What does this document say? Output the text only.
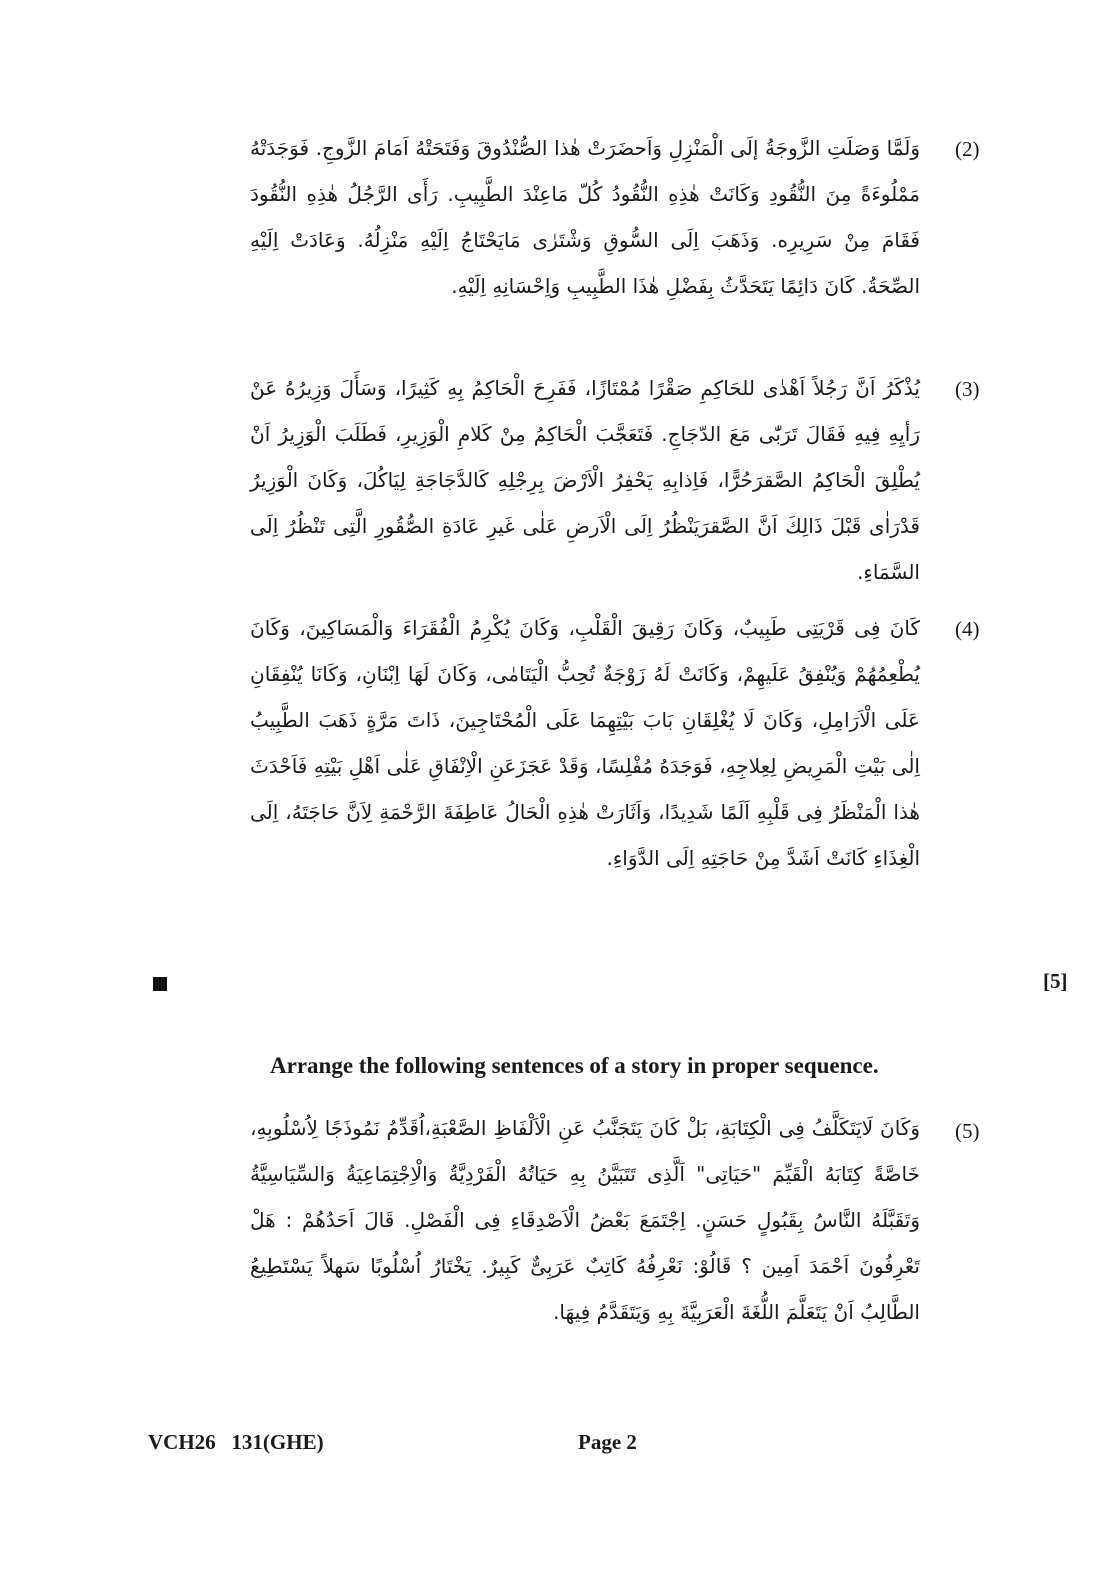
(2)
وَلَمَّا وَصَلَتِ الزَّوجَةُ إلَى الْمَنْزِلِ وَاَحضَرَتْ هٰذا الصُّنْدُوقَ وَفَتَحَتْهُ اَمَامَ الزَّوجِ. فَوَجَدَتْهُ مَمْلُوءَةً مِنَ النُّقُودِ وَكَانَتْ هٰذِهِ النُّقُودُ كُلّ مَاعِنْدَ الطَّبِيبِ. رَأَى الرَّجُلُ هٰذِهِ النُّقُودَ فَقَامَ مِنْ سَرِيرِه. وَذَهَبَ اِلَى السُّوقِ وَشْتَرٰى مَايَحْتَاجُ اِلَيْهِ مَنْزِلُهُ. وَعَادَتْ اِلَيْهِ الصِّحَةُ. كَانَ دَائِمًا يَتَحَدَّثُ بِفَضْلِ هٰذَا الطَّبِيبِ وَاِحْسَانِهِ اِلَيْهِ.
(3)
يُذْكَرُ اَنَّ رَجُلاً اَهْدٰى للحَاكِمِ صَقْرًا مُمْتَازًا، فَفَرِحَ الْحَاكِمُ بِهِ كَثِيرًا، وَسَأَلَ وَزِيرُهُ عَنْ رَأيِهِ فِيهِ فَقَالَ تَرَبّٰى مَعَ الدّجَاجِ. فَتَعَجَّبَ الْحَاكِمُ مِنْ كَلامِ الْوَزِيرِ، فَطَلَبَ الْوَزِيرُ اَنْ يُطْلِقَ الْحَاكِمُ الصَّقرَحُرًّا، فَاِذابِهِ يَحْفِرُ الْاَرْضَ بِرِجْلِهِ كَالدَّجَاجَةِ لِيَاكُلَ، وَكَانَ الْوَزِيرُ قَدْرَاٰى قَبْلَ ذَالِكَ اَنَّ الصَّقرَيَنْظُرُ اِلَى الْاَرضِ عَلٰى غَيرِ عَادَةِ الصُّقُورِ الَّتِى تَنْظُرُ اِلَى السَّمَاءِ.
(4)
كَانَ فِى قَرْيَتِى طَبِيبٌ، وَكَانَ رَقِيقَ الْقَلْبِ، وَكَانَ يُكْرِمُ الْفُقَرَاءَ وَالْمَسَاكِينَ، وَكَانَ يُطْعِمُهُمْ وَيُنْفِقُ عَلَيهِمْ، وَكَانَتْ لَهُ زَوْجَةٌ تُحِبُّ الْيَتَامٰى، وَكَانَ لَهَا اِبْنَانِ، وَكَانَا يُنْفِقَانِ عَلَى الْاَرَامِلِ، وَكَانَ لَا يُغْلِقَانِ بَابَ بَيْتِهِمَا عَلَى الْمُحْتَاجِينَ، ذَاتَ مَرَّةٍ ذَهَبَ الطَّبِيبُ اِلٰى بَيْتِ الْمَرِيضِ لِعِلاجِهِ، فَوَجَدَهُ مُفْلِسًا، وَقَدْ عَجَزَعَنِ الْاِنْفَاقِ عَلٰى اَهْلِ بَيْتِهِ فَاَحْدَثَ هٰذا الْمَنْظَرُ فِى قَلْبِهِ اَلَمًا شَدِيدًا، وَاَثَارَتْ هٰذِهِ الْحَالُ عَاطِفَةَ الرَّحْمَةِ لِاَنَّ حَاجَتَهُ، اِلَى الْغِذَاءِ كَانَتْ اَشَدَّ مِنْ حَاجَتِهِ اِلَى الدَّوَاءِ.
Arrange the following sentences of a story in proper sequence.
[5]
(5)
وَكَانَ لَايَتَكَلَّفُ فِى الْكِتَابَةِ، بَلْ كَانَ يَتَجَنَّبُ عَنِ الْاَلْفَاظِ الصَّعْبَةِ،اُقَدِّمُ نَمُوذَجًا لِاُسْلُوبِهِ، خَاصَّةً كِتَابَهُ الْقَيِّمَ "حَيَاتِى" اَلَّذِى تَتَبَيَّنُ بِهِ حَيَاتُهُ الْفَرْدِيَّةُ وَالْاِجْتِمَاعِيَةُ وَالسِّيَاسِيَّةُ وَتَقَبَّلَهُ النَّاسُ بِقَبُولٍ حَسَنٍ. اِجْتَمَعَ بَعْضُ الْاَصْدِقَاءِ فِى الْفَصْلِ. قَالَ اَحَدُهُمْ : هَلْ تَعْرِفُونَ اَحْمَدَ اَمِين ؟ قَالُوْ: نَعْرِفُهُ كَاتِبٌ عَرَبِىٌّ كَبِيرٌ. يَخْتَارُ اُسْلُوبًا سَهلاً يَسْتَطِيعُ الطَّالِبُ اَنْ يَتَعَلَّمَ اللُّغَةَ الْعَرَبِيَّةَ بِهِ وَيَتَقَدَّمُ فِيهَا.
VCH26   131(GHE)	Page 2
